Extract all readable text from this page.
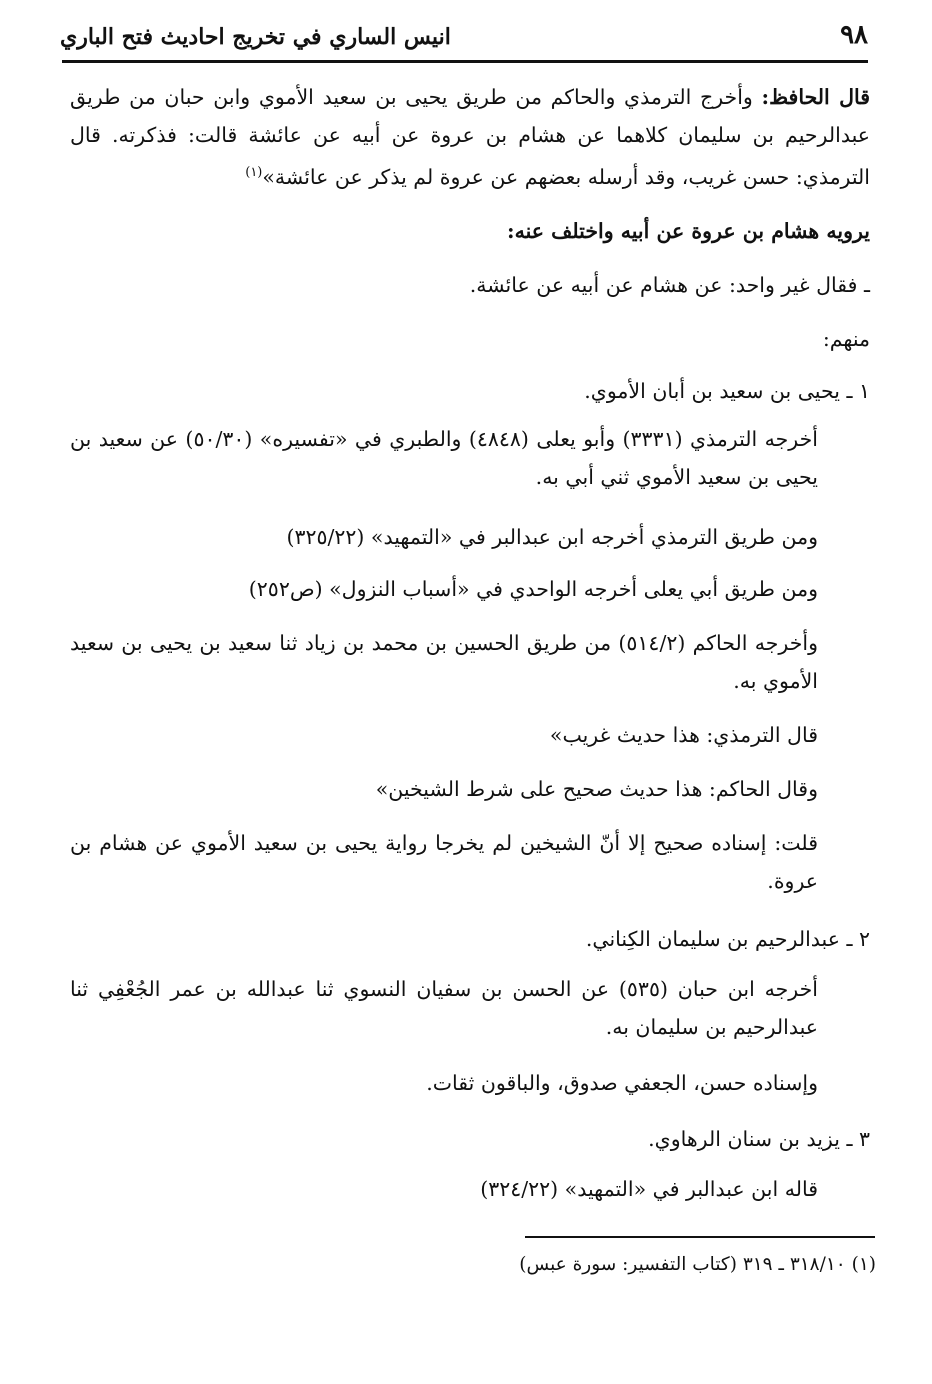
٩٨
انيس الساري في تخريج احاديث فتح الباري
قال الحافظ: وأخرج الترمذي والحاكم من طريق يحيى بن سعيد الأموي وابن حبان من طريق عبدالرحيم بن سليمان كلاهما عن هشام بن عروة عن أبيه عن عائشة قالت: فذكرته. قال الترمذي: حسن غريب، وقد أرسله بعضهم عن عروة لم يذكر عن عائشة»$^{(١)}$
يرويه هشام بن عروة عن أبيه واختلف عنه:
ـ فقال غير واحد: عن هشام عن أبيه عن عائشة.
منهم:
١ ـ يحيى بن سعيد بن أبان الأموي.
أخرجه الترمذي (٣٣٣١) وأبو يعلى (٤٨٤٨) والطبري في «تفسيره» (٥٠/٣٠) عن سعيد بن يحيى بن سعيد الأموي ثني أبي به.
ومن طريق الترمذي أخرجه ابن عبدالبر في «التمهيد» (٣٢٥/٢٢)
ومن طريق أبي يعلى أخرجه الواحدي في «أسباب النزول» (ص٢٥٢)
وأخرجه الحاكم (٥١٤/٢) من طريق الحسين بن محمد بن زياد ثنا سعيد بن يحيى بن سعيد الأموي به.
قال الترمذي: هذا حديث غريب»
وقال الحاكم: هذا حديث صحيح على شرط الشيخين»
قلت: إسناده صحيح إلا أنّ الشيخين لم يخرجا رواية يحيى بن سعيد الأموي عن هشام بن عروة.
٢ ـ عبدالرحيم بن سليمان الكِناني.
أخرجه ابن حبان (٥٣٥) عن الحسن بن سفيان النسوي ثنا عبدالله بن عمر الجُعْفِي ثنا عبدالرحيم بن سليمان به.
وإسناده حسن، الجعفي صدوق، والباقون ثقات.
٣ ـ يزيد بن سنان الرهاوي.
قاله ابن عبدالبر في «التمهيد» (٣٢٤/٢٢)
(١) ٣١٨/١٠ ـ ٣١٩ (كتاب التفسير: سورة عبس)
